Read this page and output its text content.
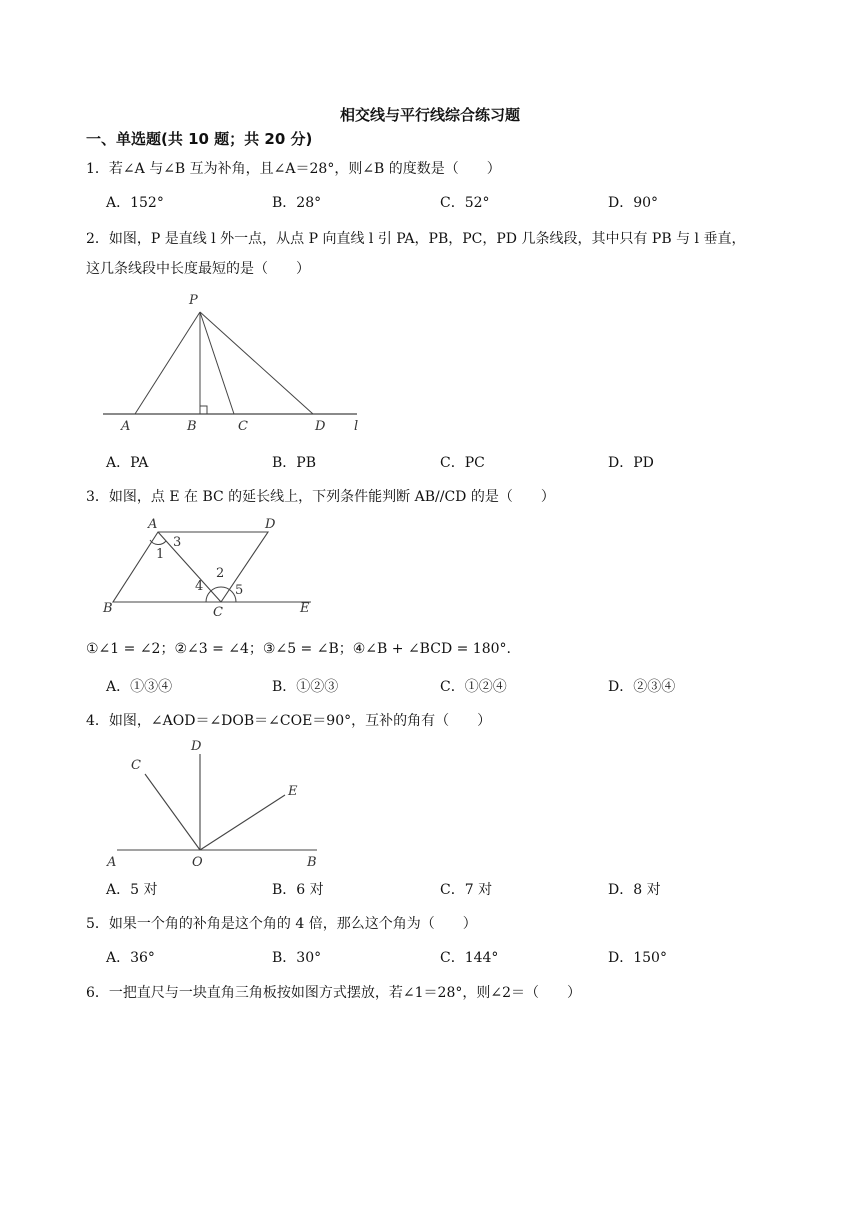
相交线与平行线综合练习题
一、单选题(共 10 题；共 20 分)
1．若∠A 与∠B 互为补角，且∠A＝28°，则∠B 的度数是（　　）
A．152°	B．28°	C．52°	D．90°
2．如图，P 是直线 l 外一点，从点 P 向直线 l 引 PA，PB，PC，PD 几条线段，其中只有 PB 与 l 垂直，
这几条线段中长度最短的是（　　）
P
A	B	C	D l
A．PA	B．PB	C．PC	D．PD
3．如图，点 E 在 BC 的延长线上，下列条件能判断 AB//CD 的是（　　）
A	D
B	C	E
1
2
3
4 5
①∠1 = ∠2；②∠3 = ∠4；③∠5 = ∠B；④∠B + ∠BCD = 180°.
A．①③④	B．①②③	C．①②④	D．②③④
4．如图，∠AOD＝∠DOB＝∠COE＝90°，互补的角有（　　）
D
C
E
A	O	B
A．5 对	B．6 对	C．7 对	D．8 对
5．如果一个角的补角是这个角的 4 倍，那么这个角为（　　）
A．36°	B．30°	C．144°	D．150°
6．一把直尺与一块直角三角板按如图方式摆放，若∠1＝28°，则∠2＝（　　）
